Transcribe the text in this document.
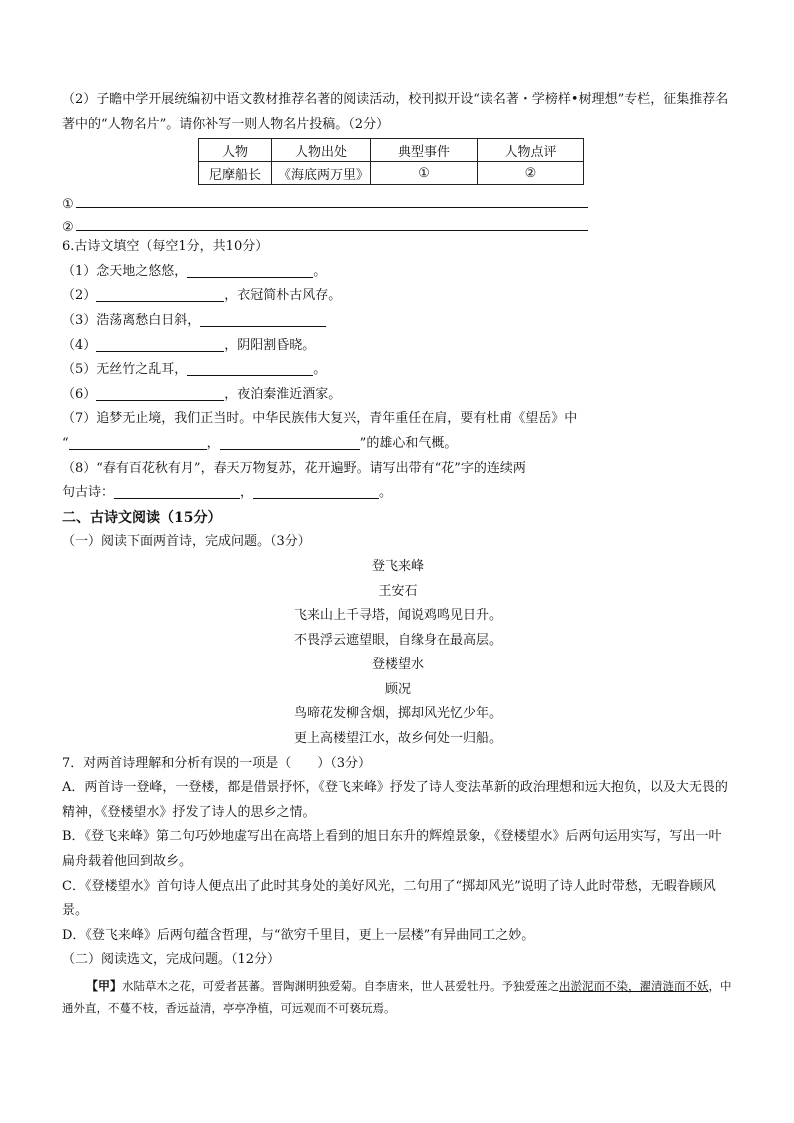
（2）子瞻中学开展统编初中语文教材推荐名著的阅读活动，校刊拟开设“读名著・学榜样•树理想”专栏，征集推荐名著中的“人物名片”。请你补写一则人物名片投稿。（2分）
人物	人物出处	典型事件	人物点评
尼摩船长	《海底两万里》	①	②
①
②
6.古诗文填空（每空1分，共10分）
（1）念天地之悠悠，	。
（2）	，衣冠简朴古风存。
（3）浩荡离愁白日斜，
（4）	，阴阳割昏晓。
（5）无丝竹之乱耳，	。
（6）	，夜泊秦淮近酒家。
（7）追梦无止境，我们正当时。中华民族伟大复兴，青年重任在肩，要有杜甫《望岳》中
“	，	”的雄心和气概。
（8）“春有百花秋有月”，春天万物复苏，花开遍野。请写出带有“花”字的连续两
句古诗：	，	。
二、古诗文阅读（15分）
（一）阅读下面两首诗，完成问题。（3分）
登飞来峰
王安石
飞来山上千寻塔，闻说鸡鸣见日升。
不畏浮云遮望眼，自缘身在最高层。
登楼望水
顾况
鸟啼花发柳含烟，掷却风光忆少年。
更上高楼望江水，故乡何处一归船。
7．对两首诗理解和分析有误的一项是（　　）（3分）
A．两首诗一登峰，一登楼，都是借景抒怀，《登飞来峰》抒发了诗人变法革新的政治理想和远大抱负，以及大无畏的精神，《登楼望水》抒发了诗人的思乡之情。
B．《登飞来峰》第二句巧妙地虚写出在高塔上看到的旭日东升的辉煌景象，《登楼望水》后两句运用实写，写出一叶扁舟载着他回到故乡。
C．《登楼望水》首句诗人便点出了此时其身处的美好风光，二句用了“掷却风光”说明了诗人此时带愁，无暇眷顾风景。
D．《登飞来峰》后两句蕴含哲理，与“欲穷千里目，更上一层楼”有异曲同工之妙。
（二）阅读选文，完成问题。（12分）
【甲】水陆草木之花，可爱者甚蕃。晋陶渊明独爱菊。自李唐来，世人甚爱牡丹。予独爱莲之出淤泥而不染，濯清涟而不妖，中通外直，不蔓不枝，香远益清，亭亭净植，可远观而不可亵玩焉。
